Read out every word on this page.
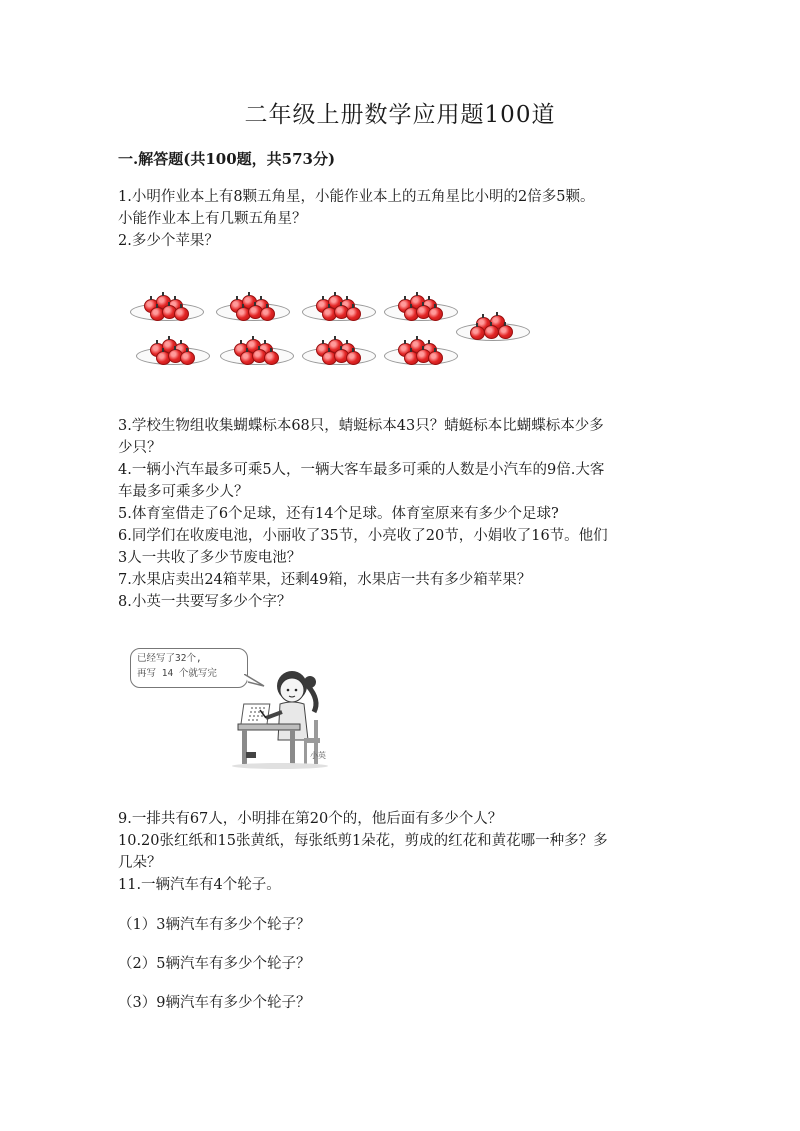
二年级上册数学应用题100道
一.解答题(共100题，共573分)
1.小明作业本上有8颗五角星，小能作业本上的五角星比小明的2倍多5颗。
小能作业本上有几颗五角星？
2.多少个苹果？
3.学校生物组收集蝴蝶标本68只，蜻蜓标本43只？蜻蜓标本比蝴蝶标本少多
少只？
4.一辆小汽车最多可乘5人，一辆大客车最多可乘的人数是小汽车的9倍.大客
车最多可乘多少人？
5.体育室借走了6个足球，还有14个足球。体育室原来有多少个足球?
6.同学们在收废电池，小丽收了35节，小亮收了20节，小娟收了16节。他们
3人一共收了多少节废电池？
7.水果店卖出24箱苹果，还剩49箱，水果店一共有多少箱苹果？
8.小英一共要写多少个字？
已经写了32个,
再写 14 个就写完
小英
9.一排共有67人，小明排在第20个的，他后面有多少个人？
10.20张红纸和15张黄纸，每张纸剪1朵花，剪成的红花和黄花哪一种多？多
几朵？
11.一辆汽车有4个轮子。
（1）3辆汽车有多少个轮子？
（2）5辆汽车有多少个轮子？
（3）9辆汽车有多少个轮子？
